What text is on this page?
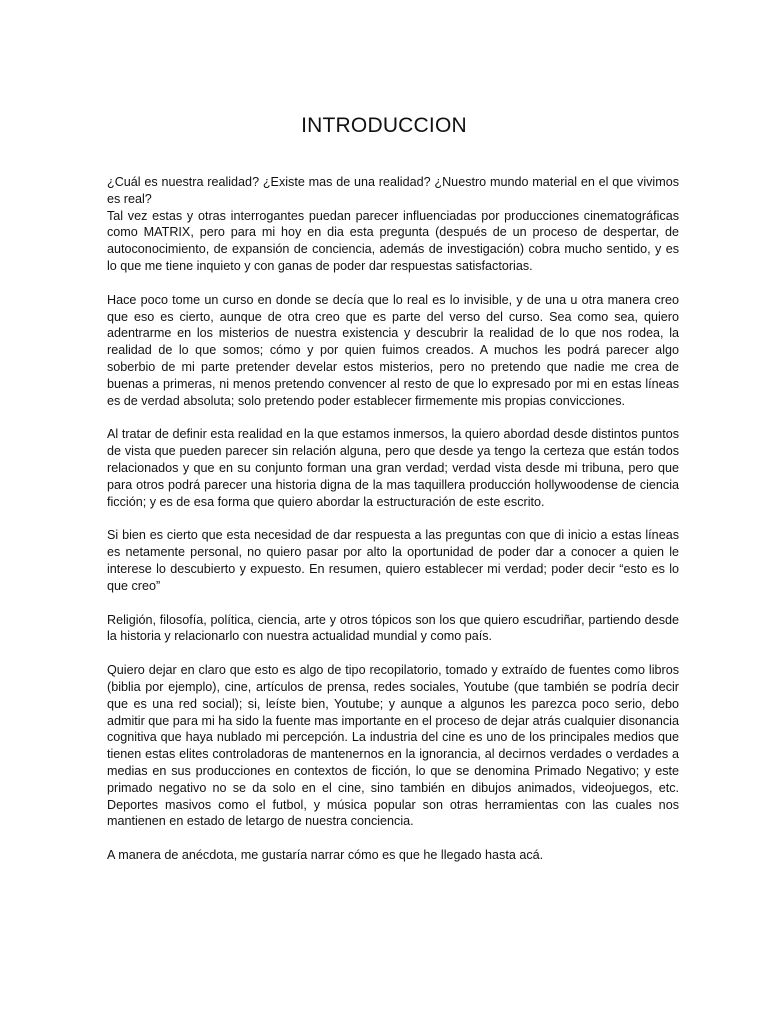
INTRODUCCION

¿Cuál es nuestra realidad? ¿Existe mas de una realidad? ¿Nuestro mundo material en el que vivimos es real?
Tal vez estas y otras interrogantes puedan parecer influenciadas por producciones cinematográficas como MATRIX, pero para mi hoy en dia esta pregunta (después de un proceso de despertar, de autoconocimiento, de expansión de conciencia, además de investigación) cobra mucho sentido, y es lo que me tiene inquieto y con ganas de poder dar respuestas satisfactorias.

Hace poco tome un curso en donde se decía que lo real es lo invisible, y de una u otra manera creo que eso es cierto, aunque de otra creo que es parte del verso del curso. Sea como sea, quiero adentrarme en los misterios de nuestra existencia y descubrir la realidad de lo que nos rodea, la realidad de lo que somos; cómo y por quien fuimos creados. A muchos les podrá parecer algo soberbio de mi parte pretender develar estos misterios, pero no pretendo que nadie me crea de buenas a primeras, ni menos pretendo convencer al resto de que lo expresado por mi en estas líneas es de verdad absoluta; solo pretendo poder establecer firmemente mis propias convicciones.

Al tratar de definir esta realidad en la que estamos inmersos, la quiero abordad desde distintos puntos de vista que pueden parecer sin relación alguna, pero que desde ya tengo la certeza que están todos relacionados y que en su conjunto forman una gran verdad; verdad vista desde mi tribuna, pero que para otros podrá parecer una historia digna de la mas taquillera producción hollywoodense de ciencia ficción; y es de esa forma que quiero abordar la estructuración de este escrito.

Si bien es cierto que esta necesidad de dar respuesta a las preguntas con que di inicio a estas líneas es netamente personal, no quiero pasar por alto la oportunidad de poder dar a conocer a quien le interese lo descubierto y expuesto. En resumen, quiero establecer mi verdad; poder decir “esto es lo que creo”

Religión, filosofía, política, ciencia, arte y otros tópicos son los que quiero escudriñar, partiendo desde la historia y relacionarlo con nuestra actualidad mundial y como país.

Quiero dejar en claro que esto es algo de tipo recopilatorio, tomado y extraído de fuentes como libros (biblia por ejemplo), cine, artículos de prensa, redes sociales, Youtube (que también se podría decir que es una red social); si, leíste bien, Youtube; y aunque a algunos les parezca poco serio, debo admitir que para mi ha sido la fuente mas importante en el proceso de dejar atrás cualquier disonancia cognitiva que haya nublado mi percepción. La industria del cine es uno de los principales medios que tienen estas elites controladoras de mantenernos en la ignorancia, al decirnos verdades o verdades a medias en sus producciones en contextos de ficción, lo que se denomina Primado Negativo; y este primado negativo no se da solo en el cine, sino también en dibujos animados, videojuegos, etc. Deportes masivos como el futbol, y música popular son otras herramientas con las cuales nos mantienen en estado de letargo de nuestra conciencia.

A manera de anécdota, me gustaría narrar cómo es que he llegado hasta acá.
